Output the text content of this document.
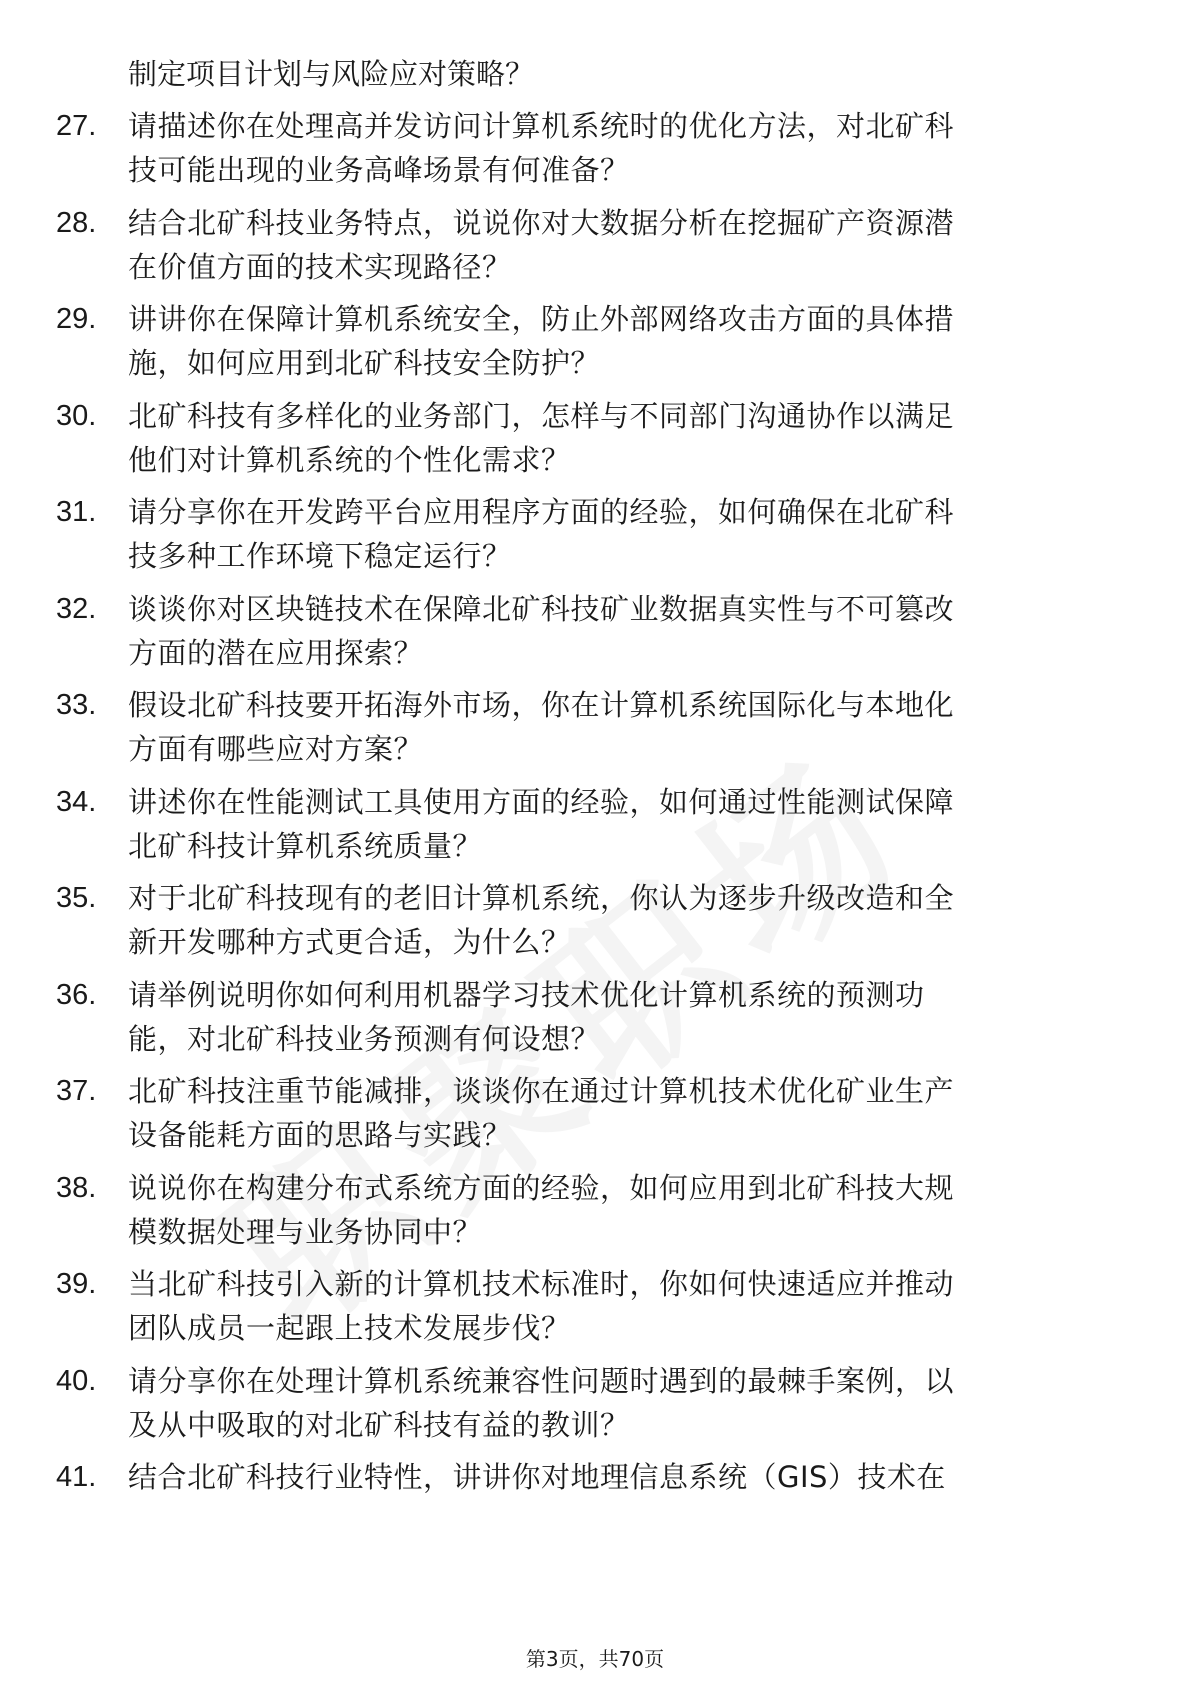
制定项目计划与风险应对策略？
27. 请描述你在处理高并发访问计算机系统时的优化方法，对北矿科
技可能出现的业务高峰场景有何准备？
28. 结合北矿科技业务特点，说说你对大数据分析在挖掘矿产资源潜
在价值方面的技术实现路径？
29. 讲讲你在保障计算机系统安全，防止外部网络攻击方面的具体措
施，如何应用到北矿科技安全防护？
30. 北矿科技有多样化的业务部门，怎样与不同部门沟通协作以满足
他们对计算机系统的个性化需求？
31. 请分享你在开发跨平台应用程序方面的经验，如何确保在北矿科
技多种工作环境下稳定运行？
32. 谈谈你对区块链技术在保障北矿科技矿业数据真实性与不可篡改
方面的潜在应用探索？
33. 假设北矿科技要开拓海外市场，你在计算机系统国际化与本地化
方面有哪些应对方案？
34. 讲述你在性能测试工具使用方面的经验，如何通过性能测试保障
北矿科技计算机系统质量？
35. 对于北矿科技现有的老旧计算机系统，你认为逐步升级改造和全
新开发哪种方式更合适，为什么？
36. 请举例说明你如何利用机器学习技术优化计算机系统的预测功
能，对北矿科技业务预测有何设想？
37. 北矿科技注重节能减排，谈谈你在通过计算机技术优化矿业生产
设备能耗方面的思路与实践？
38. 说说你在构建分布式系统方面的经验，如何应用到北矿科技大规
模数据处理与业务协同中？
39. 当北矿科技引入新的计算机技术标准时，你如何快速适应并推动
团队成员一起跟上技术发展步伐？
40. 请分享你在处理计算机系统兼容性问题时遇到的最棘手案例，以
及从中吸取的对北矿科技有益的教训？
41. 结合北矿科技行业特性，讲讲你对地理信息系统（GIS）技术在
第3页，共70页
